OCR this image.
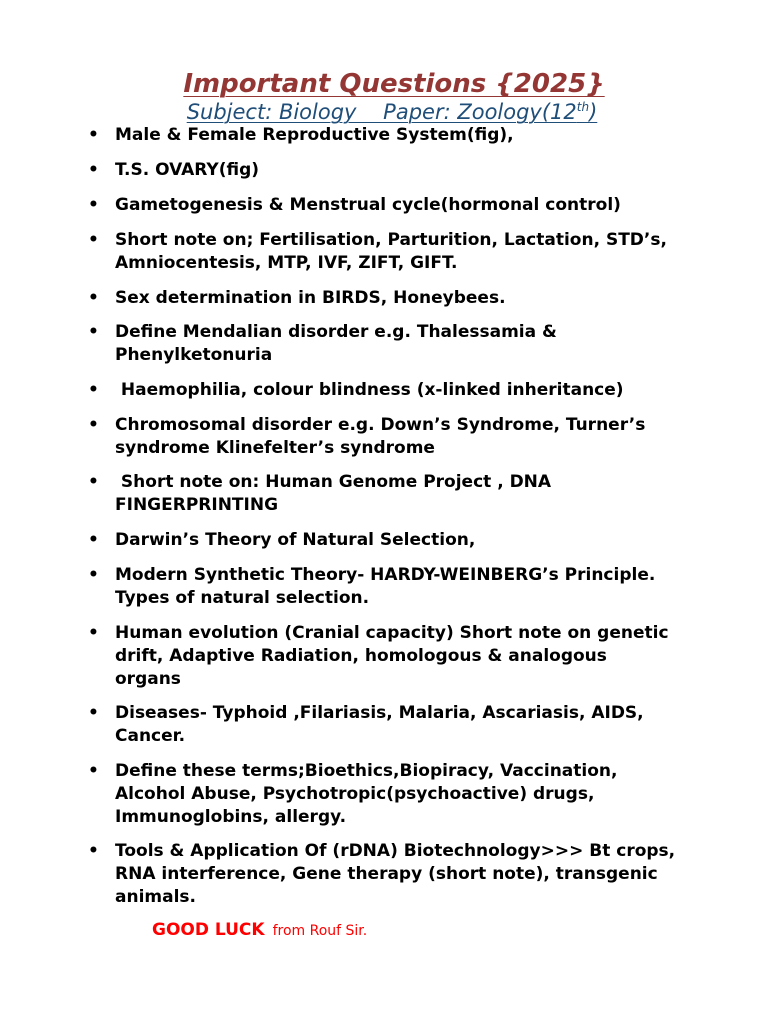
Important Questions {2025}
Subject: Biology    Paper: Zoology(12th)
• Male & Female Reproductive System(fig),
• T.S. OVARY(fig)
• Gametogenesis & Menstrual cycle(hormonal control)
• Short note on; Fertilisation, Parturition, Lactation, STD’s,
Amniocentesis, MTP, IVF, ZIFT, GIFT.
• Sex determination in BIRDS, Honeybees.
• Define Mendalian disorder e.g. Thalessamia &
Phenylketonuria
• Haemophilia, colour blindness (x-linked inheritance)
• Chromosomal disorder e.g. Down’s Syndrome, Turner’s
syndrome Klinefelter’s syndrome
•	Short note on: Human Genome Project , DNA
FINGERPRINTING
• Darwin’s Theory of Natural Selection,
• Modern Synthetic Theory- HARDY-WEINBERG’s Principle.
Types of natural selection.
• Human evolution (Cranial capacity) Short note on genetic
drift, Adaptive Radiation, homologous & analogous
organs
• Diseases- Typhoid ,Filariasis, Malaria, Ascariasis, AIDS,
Cancer.
• Define these terms;Bioethics,Biopiracy, Vaccination,
Alcohol Abuse, Psychotropic(psychoactive) drugs,
Immunoglobins, allergy.
• Tools & Application Of (rDNA) Biotechnology>>> Bt crops,
RNA interference, Gene therapy (short note), transgenic
animals.
GOOD LUCK from Rouf Sir.
